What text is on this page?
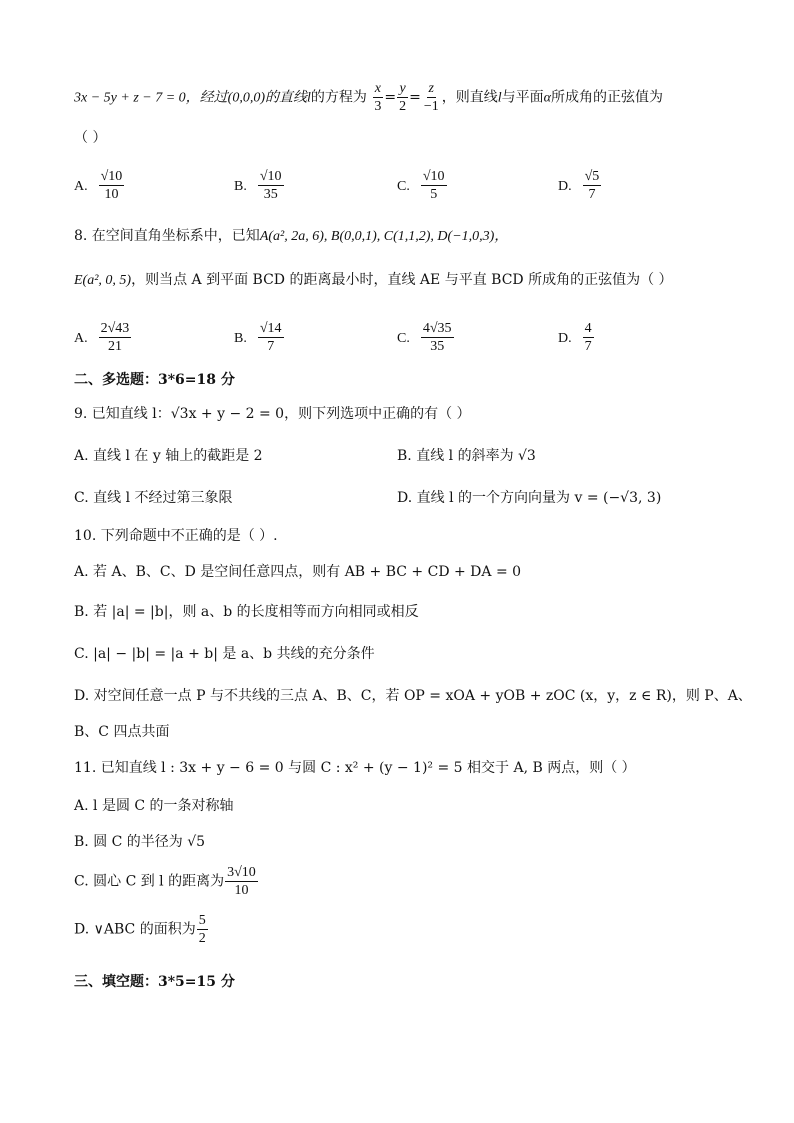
3x − 5y + z − 7 = 0，经过(0,0,0)的直线l的方程为 $\frac{x}{3} = \frac{y}{2} = \frac{z}{-1}$ ，则直线l与平面α所成角的正弦值为
（ ）
A. $\frac{√10}{10}$	B. $\frac{√10}{35}$	C. $\frac{√10}{5}$	D. $\frac{√5}{7}$
8. 在空间直角坐标系中，已知A(a², 2a, 6), B(0,0,1), C(1,1,2), D(−1,0,3)，
E(a², 0, 5)，则当点 A 到平面 BCD 的距离最小时，直线 AE 与平直 BCD 所成角的正弦值为（ ）
A. $\frac{2√43}{21}$	B. $\frac{√14}{7}$	C. $\frac{4√35}{35}$	D. $\frac{4}{7}$
二、多选题：3*6=18 分
9. 已知直线 l：√3x + y − 2 = 0，则下列选项中正确的有（ ）
A. 直线 l 在 y 轴上的截距是 2	B. 直线 l 的斜率为 √3
C. 直线 l 不经过第三象限	D. 直线 l 的一个方向向量为 v = (−√3, 3)
10. 下列命题中不正确的是（ ）.
A. 若 A、B、C、D 是空间任意四点，则有 AB + BC + CD + DA = 0
B. 若 |a| = |b|，则 a、b 的长度相等而方向相同或相反
C. |a| − |b| = |a + b| 是 a、b 共线的充分条件
D. 对空间任意一点 P 与不共线的三点 A、B、C，若 OP = xOA + yOB + zOC (x，y，z ∈ R)，则 P、A、
B、C 四点共面
11. 已知直线 l : 3x + y − 6 = 0 与圆 C : x² + (y − 1)² = 5 相交于 A, B 两点，则（ ）
A. l 是圆 C 的一条对称轴
B. 圆 C 的半径为 √5
C. 圆心 C 到 l 的距离为 $\frac{3√10}{10}$
D. ∨ABC 的面积为 $\frac{5}{2}$
三、填空题：3*5=15 分
